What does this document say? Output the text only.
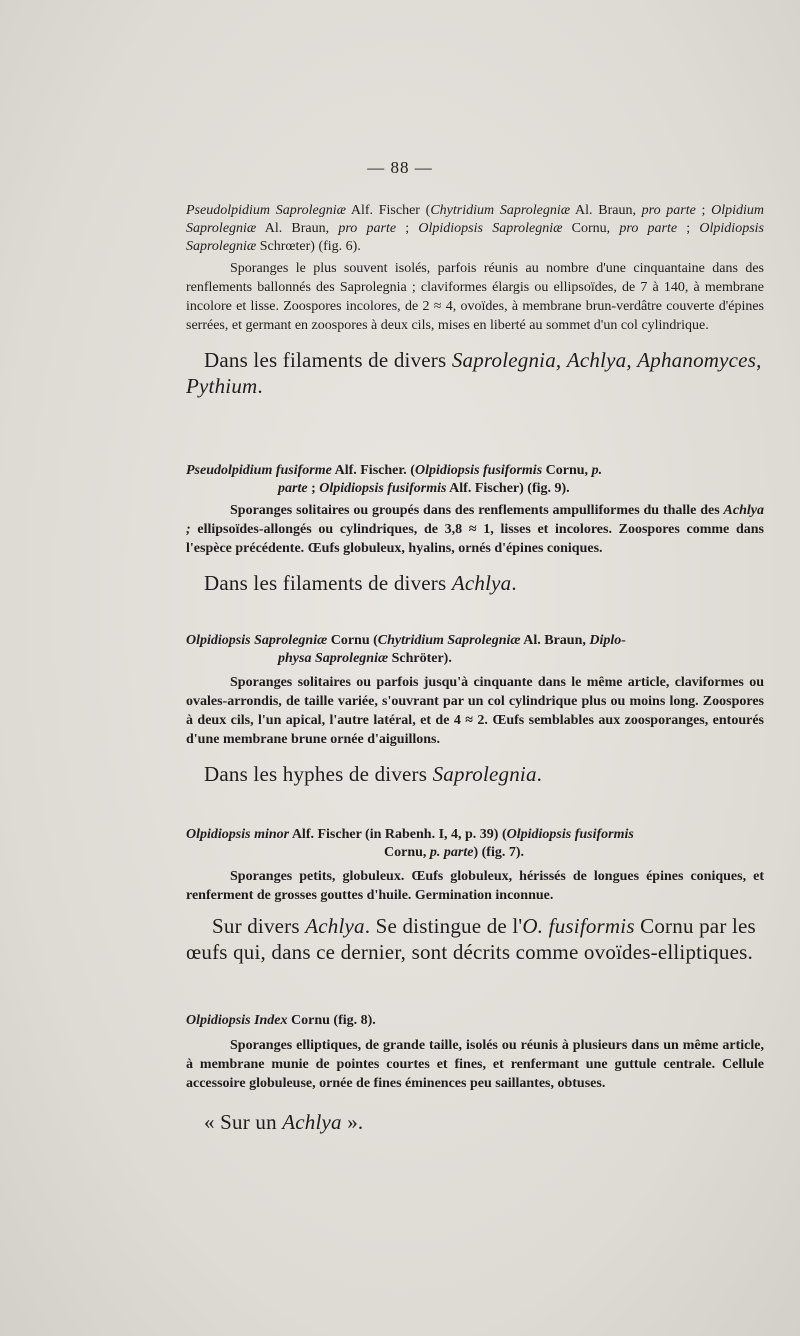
— 88 —
Pseudolpidium Saprolegniæ Alf. Fischer (Chytridium Saprolegniæ Al. Braun, pro parte ; Olpidium Saprolegniæ Al. Braun, pro parte ; Olpidiopsis Saprolegniæ Cornu, pro parte ; Olpidiopsis Saprolegniæ Schrœter) (fig. 6).
Sporanges le plus souvent isolés, parfois réunis au nombre d'une cinquantaine dans des renflements ballonnés des Saprolegnia ; claviformes élargis ou ellipsoïdes, de 7 à 140, à membrane incolore et lisse. Zoospores incolores, de 2 ≈ 4, ovoïdes, à membrane brun-verdâtre couverte d'épines serrées, et germant en zoospores à deux cils, mises en liberté au sommet d'un col cylindrique.
Dans les filaments de divers Saprolegnia, Achlya, Aphanomyces, Pythium.
Pseudolpidium fusiforme Alf. Fischer. (Olpidiopsis fusiformis Cornu, p.
parte ; Olpidiopsis fusiformis Alf. Fischer) (fig. 9).
Sporanges solitaires ou groupés dans des renflements ampulliformes du thalle des Achlya ; ellipsoïdes-allongés ou cylindriques, de 3,8 ≈ 1, lisses et incolores. Zoospores comme dans l'espèce précédente. Œufs globuleux, hyalins, ornés d'épines coniques.
Dans les filaments de divers Achlya.
Olpidiopsis Saprolegniæ Cornu (Chytridium Saprolegniæ Al. Braun, Diplo-
physa Saprolegniæ Schröter).
Sporanges solitaires ou parfois jusqu'à cinquante dans le même article, claviformes ou ovales-arrondis, de taille variée, s'ouvrant par un col cylindrique plus ou moins long. Zoospores à deux cils, l'un apical, l'autre latéral, et de 4 ≈ 2. Œufs semblables aux zoosporanges, entourés d'une membrane brune ornée d'aiguillons.
Dans les hyphes de divers Saprolegnia.
Olpidiopsis minor Alf. Fischer (in Rabenh. I, 4, p. 39) (Olpidiopsis fusiformis
Cornu, p. parte) (fig. 7).
Sporanges petits, globuleux. Œufs globuleux, hérissés de longues épines coniques, et renferment de grosses gouttes d'huile. Germination inconnue.
Sur divers Achlya. Se distingue de l'O. fusiformis Cornu par les œufs qui, dans ce dernier, sont décrits comme ovoïdes-elliptiques.
Olpidiopsis Index Cornu (fig. 8).
Sporanges elliptiques, de grande taille, isolés ou réunis à plusieurs dans un même article, à membrane munie de pointes courtes et fines, et renfermant une guttule centrale. Cellule accessoire globuleuse, ornée de fines éminences peu saillantes, obtuses.
« Sur un Achlya ».
